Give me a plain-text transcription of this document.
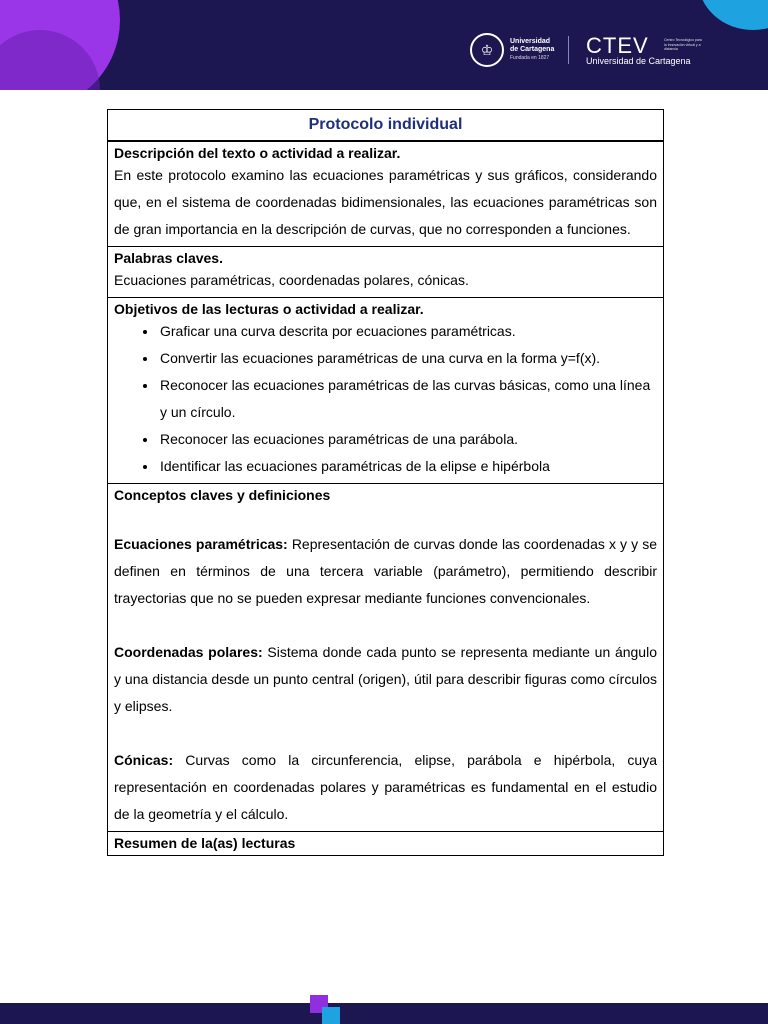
♔	Universidad
de Cartagena
Fundada en 1827 CTEV
Universidad de Cartagena
Centro Tecnológico para la Innovación virtual y a distancia
Protocolo individual

Descripción del texto o actividad a realizar.

En este protocolo examino las ecuaciones paramétricas y sus gráficos, considerando que, en el sistema de coordenadas bidimensionales, las ecuaciones paramétricas son de gran importancia en la descripción de curvas, que no corresponden a funciones.

Palabras claves.

Ecuaciones paramétricas, coordenadas polares, cónicas.

Objetivos de las lecturas o actividad a realizar.
• Graficar una curva descrita por ecuaciones paramétricas.
• Convertir las ecuaciones paramétricas de una curva en la forma y=f(x).
• Reconocer las ecuaciones paramétricas de las curvas básicas, como una línea y un círculo.
• Reconocer las ecuaciones paramétricas de una parábola.
• Identificar las ecuaciones paramétricas de la elipse e hipérbola

Conceptos claves y definiciones

Ecuaciones paramétricas: Representación de curvas donde las coordenadas x y y se definen en términos de una tercera variable (parámetro), permitiendo describir trayectorias que no se pueden expresar mediante funciones convencionales.

Coordenadas polares: Sistema donde cada punto se representa mediante un ángulo y una distancia desde un punto central (origen), útil para describir figuras como círculos y elipses.

Cónicas: Curvas como la circunferencia, elipse, parábola e hipérbola, cuya representación en coordenadas polares y paramétricas es fundamental en el estudio de la geometría y el cálculo.

Resumen de la(as) lecturas
